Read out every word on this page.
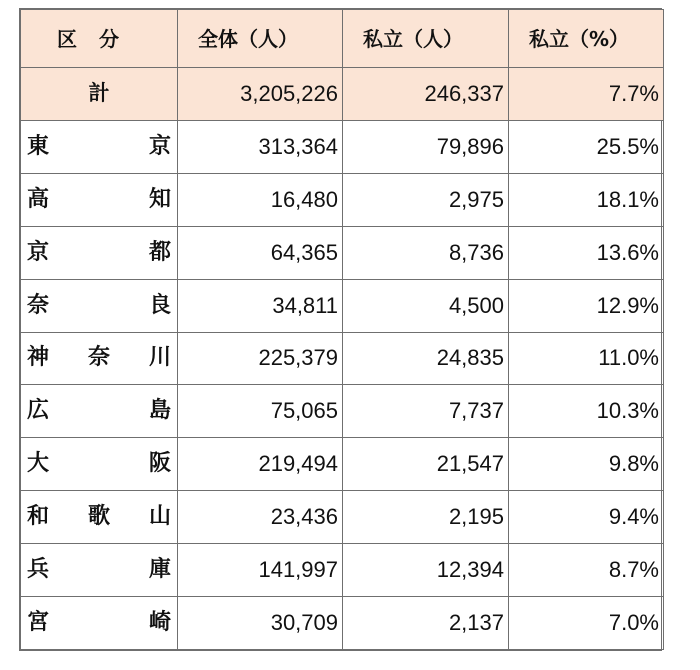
区分	全体（人）	私立（人）	私立（%）
計	3,205,226	246,337	7.7%

東 京	313,364	79,896	25.5%

高 知	16,480	2,975	18.1%

京 都	64,365	8,736	13.6%

奈 良	34,811	4,500	12.9%

神 奈 川	225,379	24,835	11.0%

広 島	75,065	7,737	10.3%

大 阪	219,494	21,547	9.8%

和 歌 山	23,436	2,195	9.4%

兵 庫	141,997	12,394	8.7%

宮 崎	30,709	2,137	7.0%
